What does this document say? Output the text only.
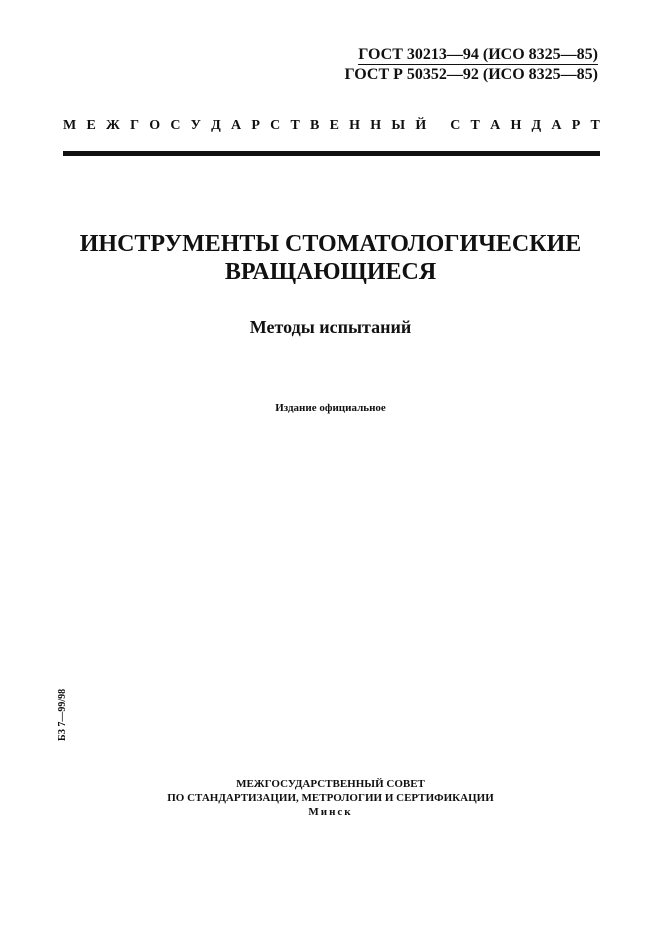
ГОСТ 30213—94 (ИСО 8325—85)
ГОСТ Р 50352—92 (ИСО 8325—85)
М Е Ж Г О С У Д А Р С Т В Е Н Н Ы Й
С Т А Н Д А Р Т
ИНСТРУМЕНТЫ СТОМАТОЛОГИЧЕСКИЕ
ВРАЩАЮЩИЕСЯ
Методы испытаний
Издание официальное
БЗ 7—99/98
МЕЖГОСУДАРСТВЕННЫЙ СОВЕТ
ПО СТАНДАРТИЗАЦИИ, МЕТРОЛОГИИ И СЕРТИФИКАЦИИ
Минск
